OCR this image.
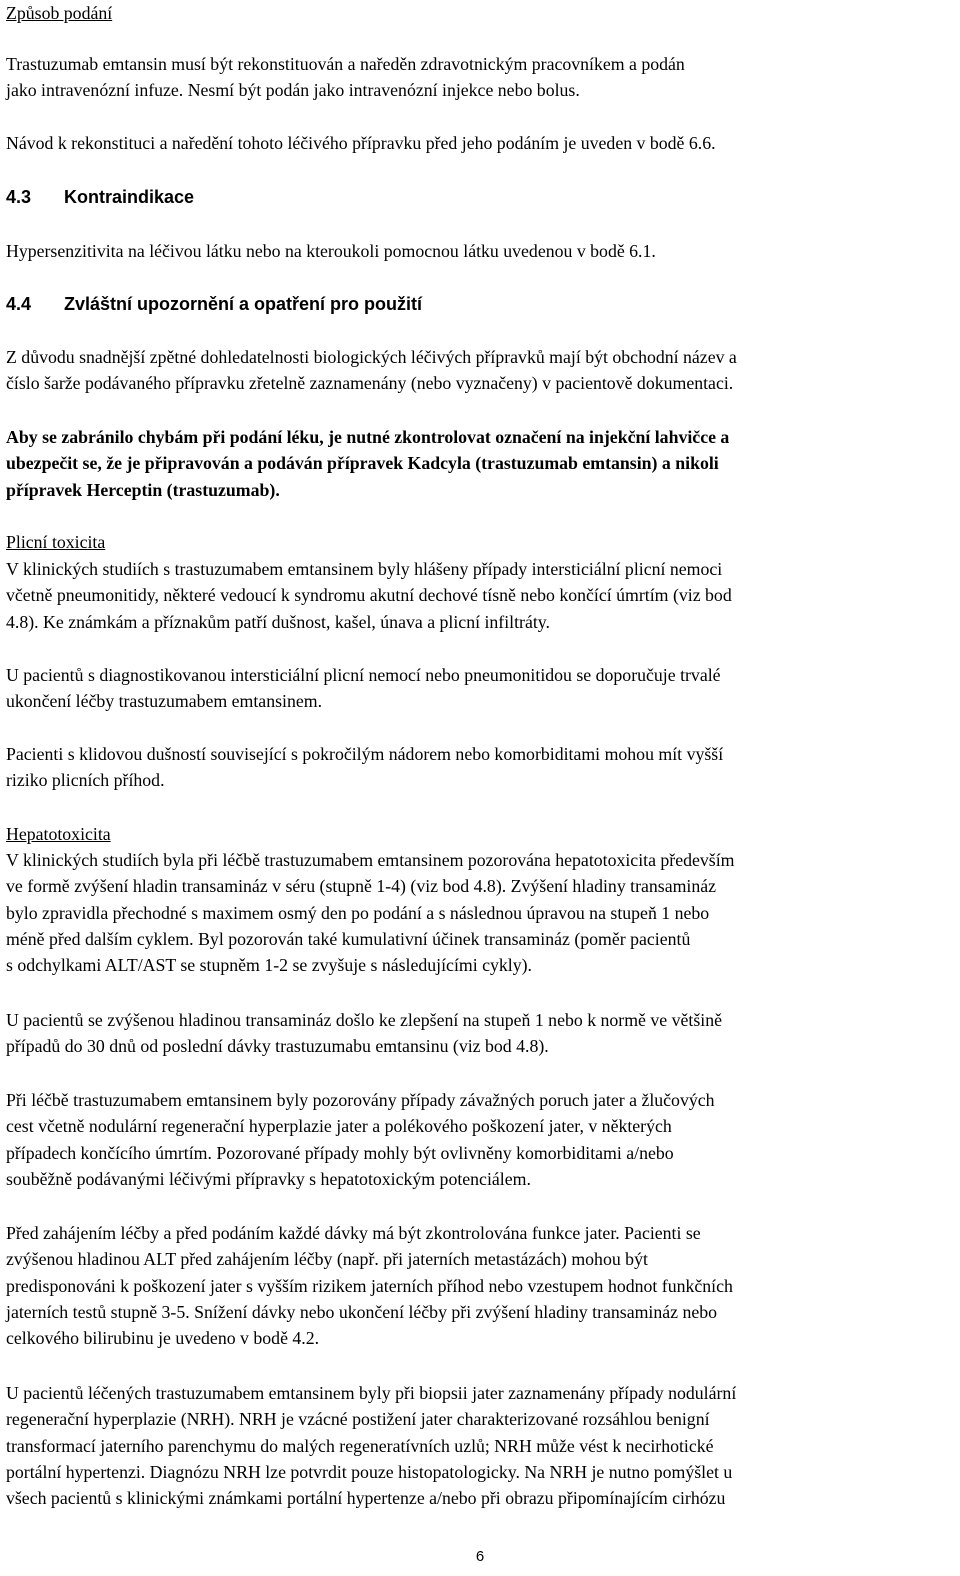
Způsob podání
Trastuzumab emtansin musí být rekonstituován a naředěn zdravotnickým pracovníkem a podán
jako intravenózní infuze. Nesmí být podán jako intravenózní injekce nebo bolus.
Návod k rekonstituci a naředění tohoto léčivého přípravku před jeho podáním je uveden v bodě 6.6.
4.3 Kontraindikace
Hypersenzitivita na léčivou látku nebo na kteroukoli pomocnou látku uvedenou v bodě 6.1.
4.4 Zvláštní upozornění a opatření pro použití
Z důvodu snadnější zpětné dohledatelnosti biologických léčivých přípravků mají být obchodní název a
číslo šarže podávaného přípravku zřetelně zaznamenány (nebo vyznačeny) v pacientově dokumentaci.
Aby se zabránilo chybám při podání léku, je nutné zkontrolovat označení na injekční lahvičce a
ubezpečit se, že je připravován a podáván přípravek Kadcyla (trastuzumab emtansin) a nikoli
přípravek Herceptin (trastuzumab).
Plicní toxicita
V klinických studiích s trastuzumabem emtansinem byly hlášeny případy intersticiální plicní nemoci
včetně pneumonitidy, některé vedoucí k syndromu akutní dechové tísně nebo končící úmrtím (viz bod
4.8). Ke známkám a příznakům patří dušnost, kašel, únava a plicní infiltráty.
U pacientů s diagnostikovanou intersticiální plicní nemocí nebo pneumonitidou se doporučuje trvalé
ukončení léčby trastuzumabem emtansinem.
Pacienti s klidovou dušností související s pokročilým nádorem nebo komorbiditami mohou mít vyšší
riziko plicních příhod.
Hepatotoxicita
V klinických studiích byla při léčbě trastuzumabem emtansinem pozorována hepatotoxicita především
ve formě zvýšení hladin transamináz v séru (stupně 1-4) (viz bod 4.8). Zvýšení hladiny transamináz
bylo zpravidla přechodné s maximem osmý den po podání a s následnou úpravou na stupeň 1 nebo
méně před dalším cyklem. Byl pozorován také kumulativní účinek transamináz (poměr pacientů
s odchylkami ALT/AST se stupněm 1-2 se zvyšuje s následujícími cykly).
U pacientů se zvýšenou hladinou transamináz došlo ke zlepšení na stupeň 1 nebo k normě ve většině
případů do 30 dnů od poslední dávky trastuzumabu emtansinu (viz bod 4.8).
Při léčbě trastuzumabem emtansinem byly pozorovány případy závažných poruch jater a žlučových
cest včetně nodulární regenerační hyperplazie jater a polékového poškození jater, v některých
případech končícího úmrtím. Pozorované případy mohly být ovlivněny komorbiditami a/nebo
souběžně podávanými léčivými přípravky s hepatotoxickým potenciálem.
Před zahájením léčby a před podáním každé dávky má být zkontrolována funkce jater. Pacienti se
zvýšenou hladinou ALT před zahájením léčby (např. při jaterních metastázách) mohou být
predisponováni k poškození jater s vyšším rizikem jaterních příhod nebo vzestupem hodnot funkčních
jaterních testů stupně 3-5. Snížení dávky nebo ukončení léčby při zvýšení hladiny transamináz nebo
celkového bilirubinu je uvedeno v bodě 4.2.
U pacientů léčených trastuzumabem emtansinem byly při biopsii jater zaznamenány případy nodulární
regenerační hyperplazie (NRH). NRH je vzácné postižení jater charakterizované rozsáhlou benigní
transformací jaterního parenchymu do malých regeneratívních uzlů; NRH může vést k necirhotické
portální hypertenzi. Diagnózu NRH lze potvrdit pouze histopatologicky. Na NRH je nutno pomýšlet u
všech pacientů s klinickými známkami portální hypertenze a/nebo při obrazu připomínajícím cirhózu
6
